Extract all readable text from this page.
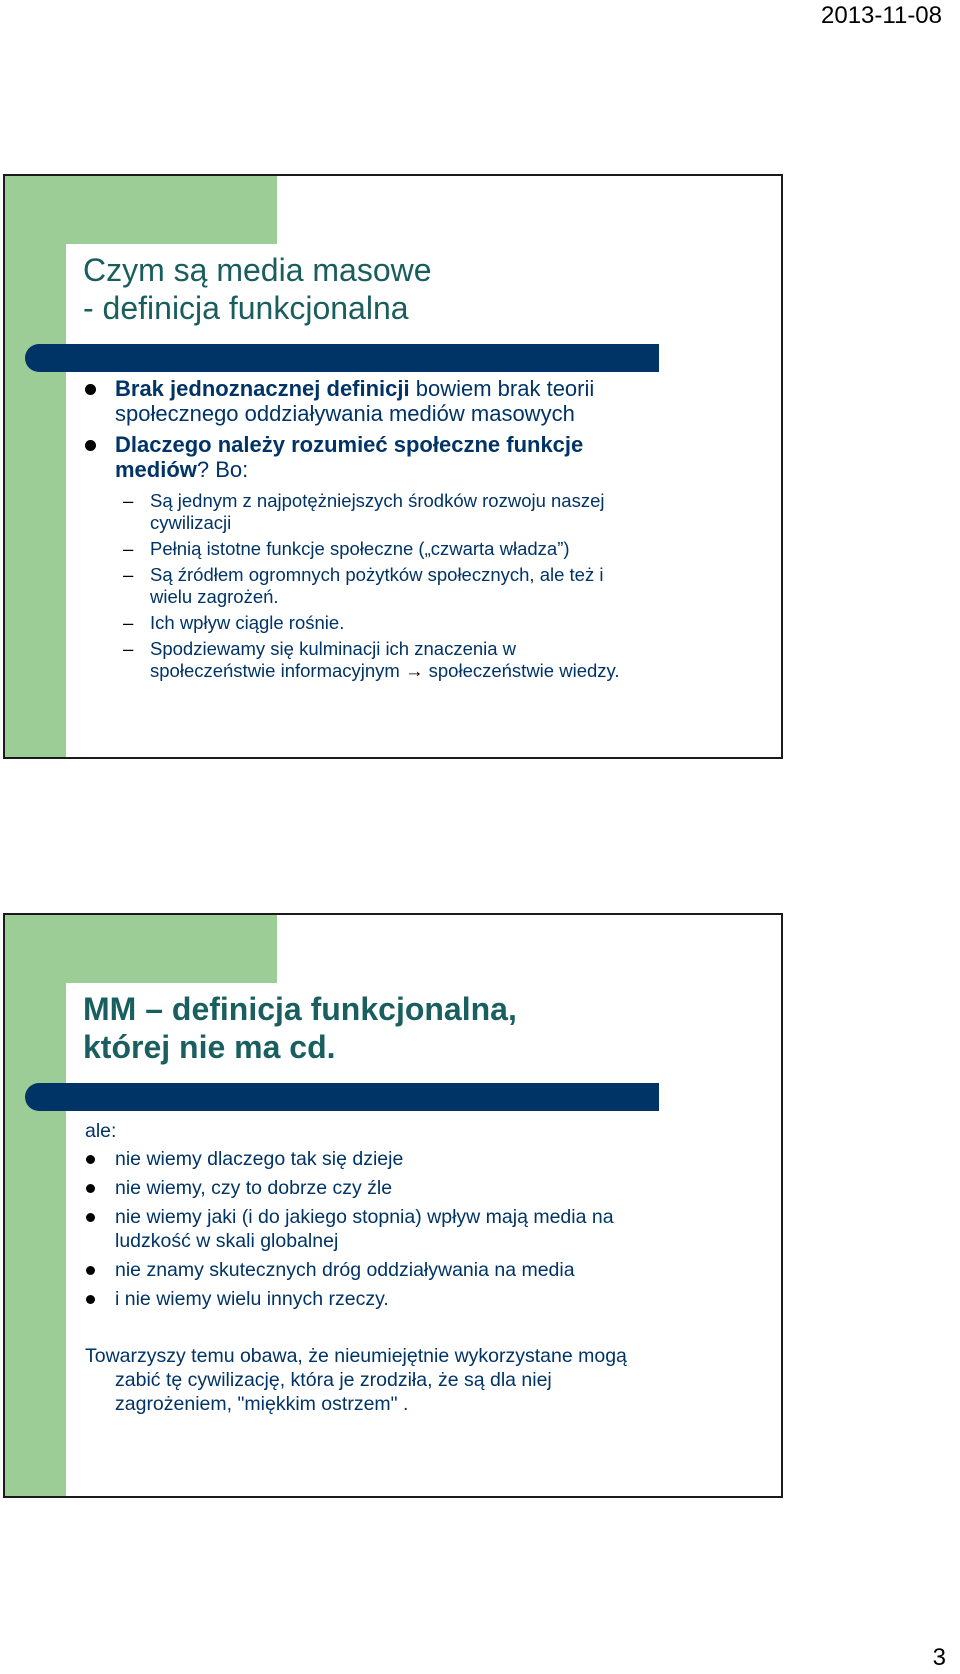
2013-11-08
Czym są media masowe
- definicja funkcjonalna
Brak jednoznacznej definicji bowiem brak teorii
społecznego oddziaływania mediów masowych
Dlaczego należy rozumieć społeczne funkcje
mediów? Bo:
– Są jednym z najpotężniejszych środków rozwoju naszej
cywilizacji
– Pełnią istotne funkcje społeczne („czwarta władza”)
– Są źródłem ogromnych pożytków społecznych, ale też i
wielu zagrożeń.
– Ich wpływ ciągle rośnie.
– Spodziewamy się kulminacji ich znaczenia w
społeczeństwie informacyjnym → społeczeństwie wiedzy.
MM – definicja funkcjonalna,
której nie ma cd.
ale:
nie wiemy dlaczego tak się dzieje
nie wiemy, czy to dobrze czy źle
nie wiemy jaki (i do jakiego stopnia) wpływ mają media na
ludzkość w skali globalnej
nie znamy skutecznych dróg oddziaływania na media
i nie wiemy wielu innych rzeczy.
Towarzyszy temu obawa, że nieumiejętnie wykorzystane mogą
zabić tę cywilizację, która je zrodziła, że są dla niej
zagrożeniem, "miękkim ostrzem" .
3
